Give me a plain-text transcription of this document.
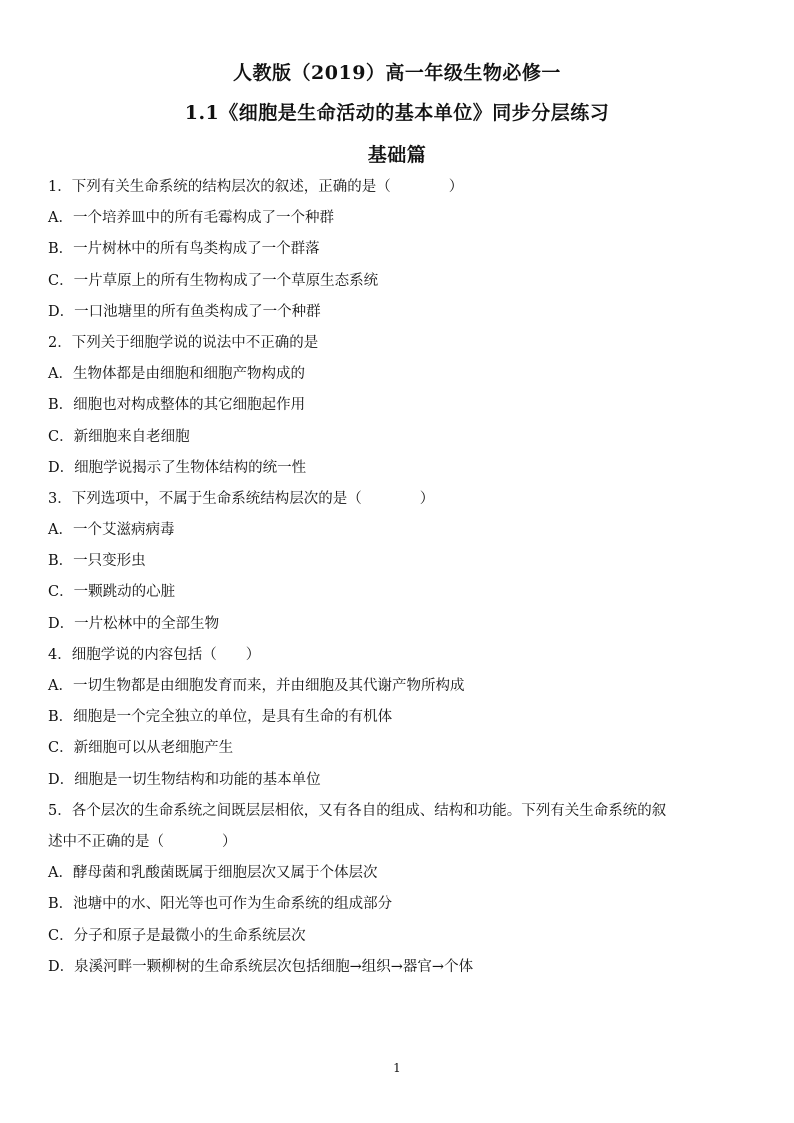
人教版（2019）高一年级生物必修一
1.1《细胞是生命活动的基本单位》同步分层练习
基础篇
1．下列有关生命系统的结构层次的叙述，正确的是（　　　　）
A．一个培养皿中的所有毛霉构成了一个种群
B．一片树林中的所有鸟类构成了一个群落
C．一片草原上的所有生物构成了一个草原生态系统
D．一口池塘里的所有鱼类构成了一个种群
2．下列关于细胞学说的说法中不正确的是
A．生物体都是由细胞和细胞产物构成的
B．细胞也对构成整体的其它细胞起作用
C．新细胞来自老细胞
D．细胞学说揭示了生物体结构的统一性
3．下列选项中，不属于生命系统结构层次的是（　　　　）
A．一个艾滋病病毒
B．一只变形虫
C．一颗跳动的心脏
D．一片松林中的全部生物
4．细胞学说的内容包括（　　）
A．一切生物都是由细胞发育而来，并由细胞及其代谢产物所构成
B．细胞是一个完全独立的单位，是具有生命的有机体
C．新细胞可以从老细胞产生
D．细胞是一切生物结构和功能的基本单位
5．各个层次的生命系统之间既层层相依，又有各自的组成、结构和功能。下列有关生命系统的叙
述中不正确的是（　　　　）
A．酵母菌和乳酸菌既属于细胞层次又属于个体层次
B．池塘中的水、阳光等也可作为生命系统的组成部分
C．分子和原子是最微小的生命系统层次
D．泉溪河畔一颗柳树的生命系统层次包括细胞→组织→器官→个体
1
